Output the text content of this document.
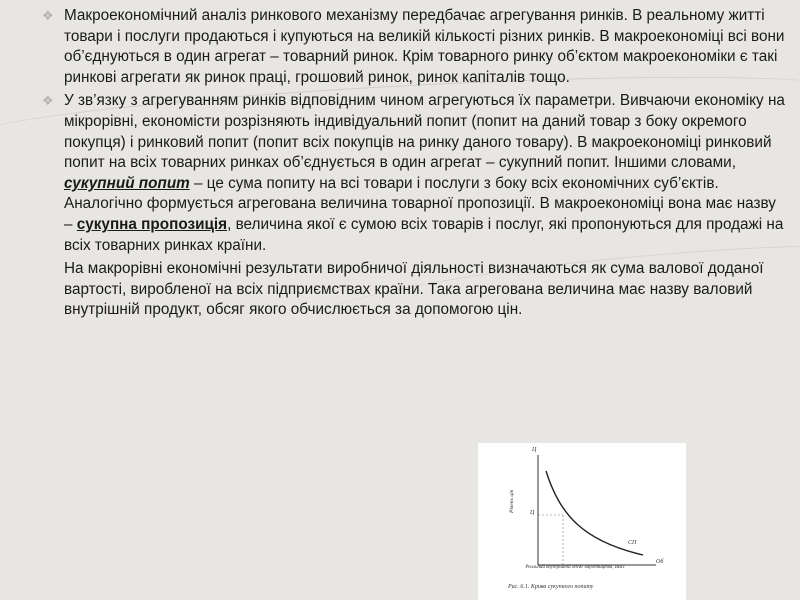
❖ Макроекономічний аналіз ринкового механізму передбачає агрегування ринків. В реальному житті товари і послуги продаються і купуються на великій кількості різних ринків. В макроекономіці всі вони об’єднуються в один агрегат – товарний ринок. Крім товарного ринку об’єктом макроекономіки є такі ринкові агрегати як ринок праці, грошовий ринок, ринок капіталів тощо.

❖ У зв’язку з агрегуванням ринків відповідним чином агрегуються їх параметри. Вивчаючи економіку на мікрорівні, економісти розрізняють індивідуальний попит (попит на даний товар з боку окремого покупця) і ринковий попит (попит всіх покупців на ринку даного товару). В макроекономіці ринковий попит на всіх товарних ринках об’єднується в один агрегат – сукупний попит. Іншими словами, сукупний попит – це сума попиту на всі товари і послуги з боку всіх економічних суб’єктів. Аналогічно формується агрегована величина товарної пропозиції. В макроекономіці вона має назву – сукупна пропозиція, величина якої є сумою всіх товарів і послуг, які пропонуються для продажі на всіх товарних ринках країни.

На макрорівні економічні результати виробничої діяльності визначаються як сума валової доданої вартості, виробленої на всіх підприємствах країни. Така агрегована величина має назву валовий внутрішній продукт, обсяг якого обчислюється за допомогою цін.

Ц
Ц
Об
СП
Рівень цін
Реальний внутрішній обсяг виробництва, ВВП
Рис. 6.1. Крива сукупного попиту
